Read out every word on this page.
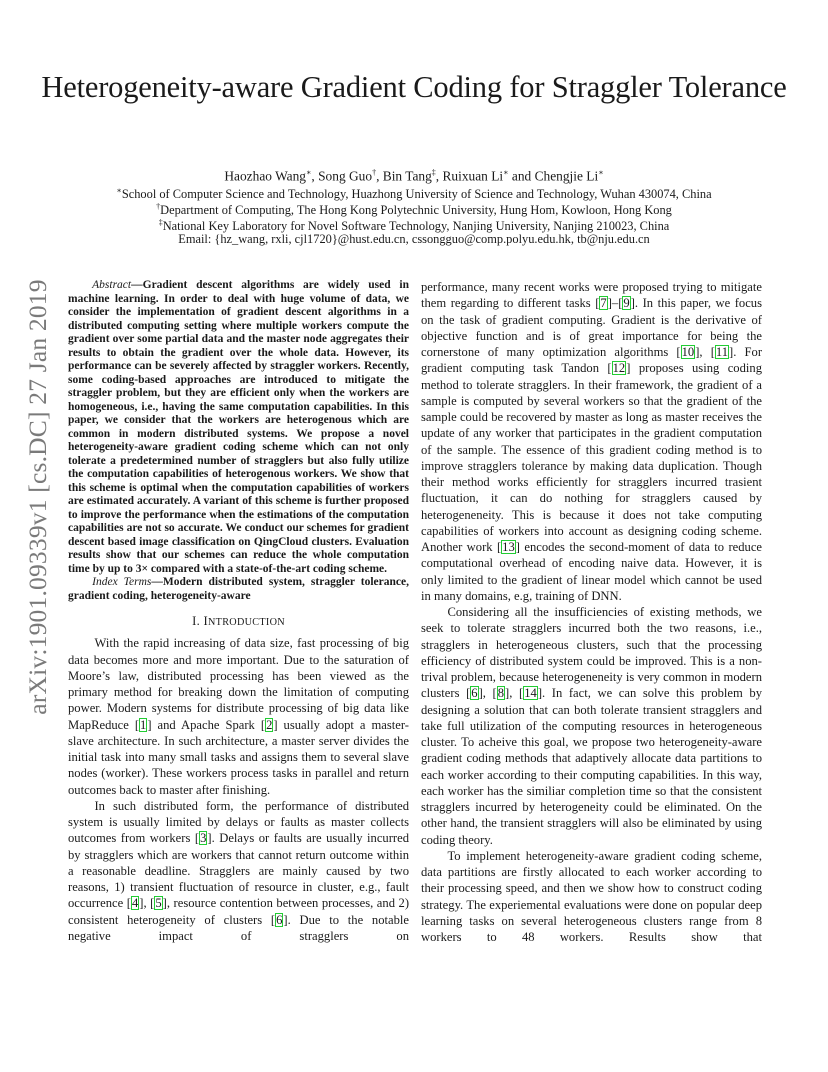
arXiv:1901.09339v1 [cs.DC] 27 Jan 2019
Heterogeneity-aware Gradient Coding for Straggler Tolerance
Haozhao Wang∗, Song Guo†, Bin Tang‡, Ruixuan Li∗ and Chengjie Li∗
∗School of Computer Science and Technology, Huazhong University of Science and Technology, Wuhan 430074, China
†Department of Computing, The Hong Kong Polytechnic University, Hung Hom, Kowloon, Hong Kong
‡National Key Laboratory for Novel Software Technology, Nanjing University, Nanjing 210023, China
Email: {hz_wang, rxli, cjl1720}@hust.edu.cn, cssongguo@comp.polyu.edu.hk, tb@nju.edu.cn

Abstract—Gradient descent algorithms are widely used in machine learning. In order to deal with huge volume of data, we consider the implementation of gradient descent algorithms in a distributed computing setting where multiple workers compute the gradient over some partial data and the master node aggregates their results to obtain the gradient over the whole data. However, its performance can be severely affected by straggler workers. Recently, some coding-based approaches are introduced to mitigate the straggler problem, but they are efficient only when the workers are homogeneous, i.e., having the same computation capabilities. In this paper, we consider that the workers are heterogenous which are common in modern distributed systems. We propose a novel heterogeneity-aware gradient coding scheme which can not only tolerate a predetermined number of stragglers but also fully utilize the computation capabilities of heterogenous workers. We show that this scheme is optimal when the computation capabilities of workers are estimated accurately. A variant of this scheme is further proposed to improve the performance when the estimations of the computation capabilities are not so accurate. We conduct our schemes for gradient descent based image classification on QingCloud clusters. Evaluation results show that our schemes can reduce the whole computation time by up to 3× compared with a state-of-the-art coding scheme.

Index Terms—Modern distributed system, straggler tolerance, gradient coding, heterogeneity-aware

I. INTRODUCTION

With the rapid increasing of data size, fast processing of big data becomes more and more important. Due to the saturation of Moore’s law, distributed processing has been viewed as the primary method for breaking down the limitation of computing power. Modern systems for distribute processing of big data like MapReduce [1] and Apache Spark [2] usually adopt a master-slave architecture. In such architecture, a master server divides the initial task into many small tasks and assigns them to several slave nodes (worker). These workers process tasks in parallel and return outcomes back to master after finishing.

In such distributed form, the performance of distributed system is usually limited by delays or faults as master collects outcomes from workers [3]. Delays or faults are usually incurred by stragglers which are workers that cannot return outcome within a reasonable deadline. Stragglers are mainly caused by two reasons, 1) transient fluctuation of resource in cluster, e.g., fault occurrence [4], [5], resource contention between processes, and 2) consistent heterogeneity of clusters [6]. Due to the notable negative impact of stragglers on

performance, many recent works were proposed trying to mitigate them regarding to different tasks [7]–[9]. In this paper, we focus on the task of gradient computing. Gradient is the derivative of objective function and is of great importance for being the cornerstone of many optimization algorithms [10], [11]. For gradient computing task Tandon [12] proposes using coding method to tolerate stragglers. In their framework, the gradient of a sample is computed by several workers so that the gradient of the sample could be recovered by master as long as master receives the update of any worker that participates in the gradient computation of the sample. The essence of this gradient coding method is to improve stragglers tolerance by making data duplication. Though their method works efficiently for stragglers incurred trasient fluctuation, it can do nothing for stragglers caused by heterogeneneity. This is because it does not take computing capabilities of workers into account as designing coding scheme. Another work [13] encodes the second-moment of data to reduce computational overhead of encoding naive data. However, it is only limited to the gradient of linear model which cannot be used in many domains, e.g, training of DNN.

Considering all the insufficiencies of existing methods, we seek to tolerate stragglers incurred both the two reasons, i.e., stragglers in heterogeneous clusters, such that the processing efficiency of distributed system could be improved. This is a non-trival problem, because heterogeneneity is very common in modern clusters [6], [8], [14]. In fact, we can solve this problem by designing a solution that can both tolerate transient stragglers and take full utilization of the computing resources in heterogeneous cluster. To acheive this goal, we propose two heterogeneity-aware gradient coding methods that adaptively allocate data partitions to each worker according to their computing capabilities. In this way, each worker has the similiar completion time so that the consistent stragglers incurred by heterogeneity could be eliminated. On the other hand, the transient stragglers will also be eliminated by using coding theory.

To implement heterogeneity-aware gradient coding scheme, data partitions are firstly allocated to each worker according to their processing speed, and then we show how to construct coding strategy. The experiemental evaluations were done on popular deep learning tasks on several heterogeneous clusters range from 8 workers to 48 workers. Results show that
